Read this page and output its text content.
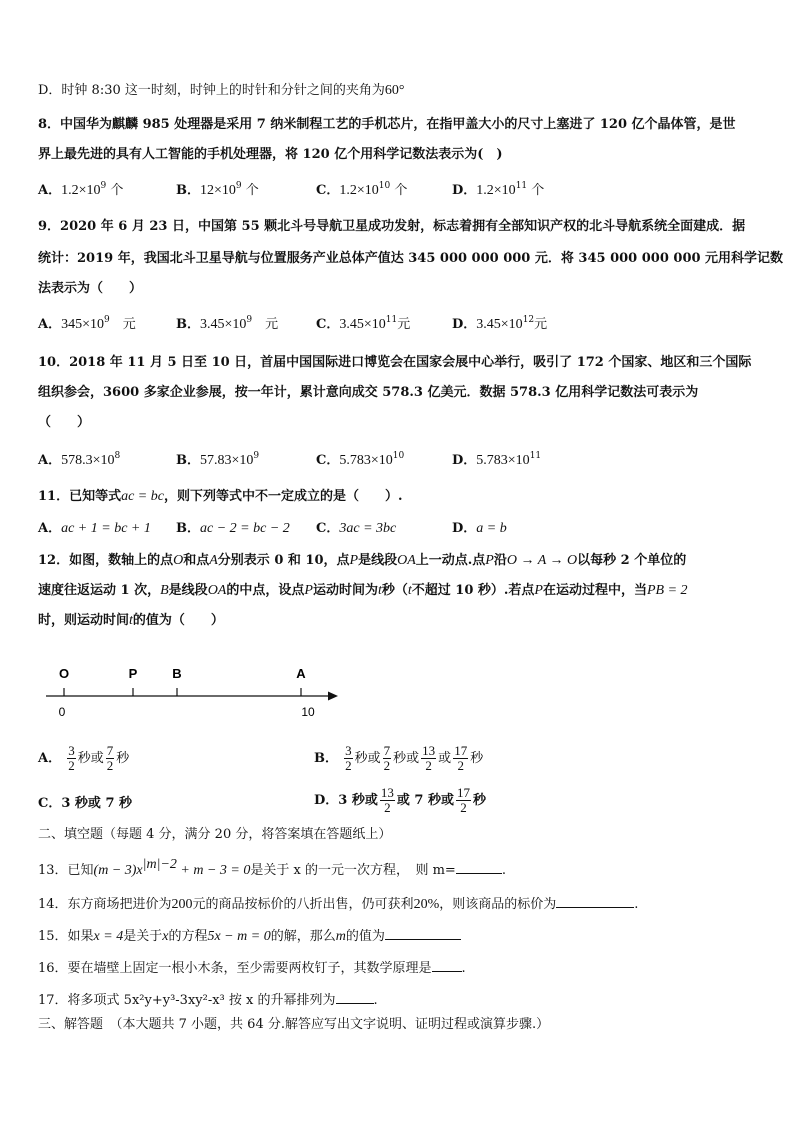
D．时钟 8:30 这一时刻，时钟上的时针和分针之间的夹角为60°
8．中国华为麒麟 985 处理器是采用 7 纳米制程工艺的手机芯片，在指甲盖大小的尺寸上塞进了 120 亿个晶体管，是世
界上最先进的具有人工智能的手机处理器，将 120 亿个用科学记数法表示为(　)
A．$1.2\times 10^9$ 个	B．$12\times 10^9$ 个	C．$1.2\times 10^{10}$ 个	D．$1.2\times 10^{11}$ 个
9．2020 年 6 月 23 日，中国第 55 颗北斗号导航卫星成功发射，标志着拥有全部知识产权的北斗导航系统全面建成．据
统计：2019 年，我国北斗卫星导航与位置服务产业总体产值达 345 000 000 000 元．将 345 000 000 000 元用科学记数
法表示为（　　）
A．$345\times 10^9$　元	B．$3.45\times 10^9$　元	C．$3.45\times 10^{11}$元	D．$3.45\times 10^{12}$元
10．2018 年 11 月 5 日至 10 日，首届中国国际进口博览会在国家会展中心举行，吸引了 172 个国家、地区和三个国际
组织参会，3600 多家企业参展，按一年计，累计意向成交 578.3 亿美元．数据 578.3 亿用科学记数法可表示为
（　　）
A．$578.3\times 10^8$	B．$57.83\times 10^9$	C．$5.783\times 10^{10}$	D．$5.783\times 10^{11}$
11．已知等式ac = bc，则下列等式中不一定成立的是（　　）.
A．ac + 1 = bc + 1 B．ac − 2 = bc − 2 C．3ac = 3bc	D．a = b
12．如图，数轴上的点O和点A分别表示 0 和 10，点P是线段OA上一动点.点P沿O → A → O以每秒 2 个单位的
速度往返运动 1 次，B是线段OA的中点，设点P运动时间为t秒（t不超过 10 秒）.若点P在运动过程中，当PB = 2
时，则运动时间t的值为（　　）
O	P	B	A
0	10
A． $\frac{3}{2}$ 秒或 $\frac{7}{2}$ 秒	B． $\frac{3}{2}$ 秒或 $\frac{7}{2}$ 秒或 $\frac{13}{2}$ 或 $\frac{17}{2}$ 秒
C．3 秒或 7 秒	D．3 秒或 $\frac{13}{2}$ 或 7 秒或 $\frac{17}{2}$ 秒
二、填空题（每题 4 分，满分 20 分，将答案填在答题纸上）
13．已知$(m - 3)x^{|m|-2} + m - 3 = 0$是关于 x 的一元一次方程，　则 m=	.
14．东方商场把进价为200元的商品按标价的八折出售，仍可获利20%，则该商品的标价为	.
15．如果x = 4是关于x的方程5x − m = 0的解，那么m的值为
16．要在墙壁上固定一根小木条，至少需要两枚钉子，其数学原理是 .
17．将多项式 5x²y+y³-3xy²-x³ 按 x 的升幂排列为	.
三、解答题　（本大题共 7 小题，共 64 分.解答应写出文字说明、证明过程或演算步骤.）
